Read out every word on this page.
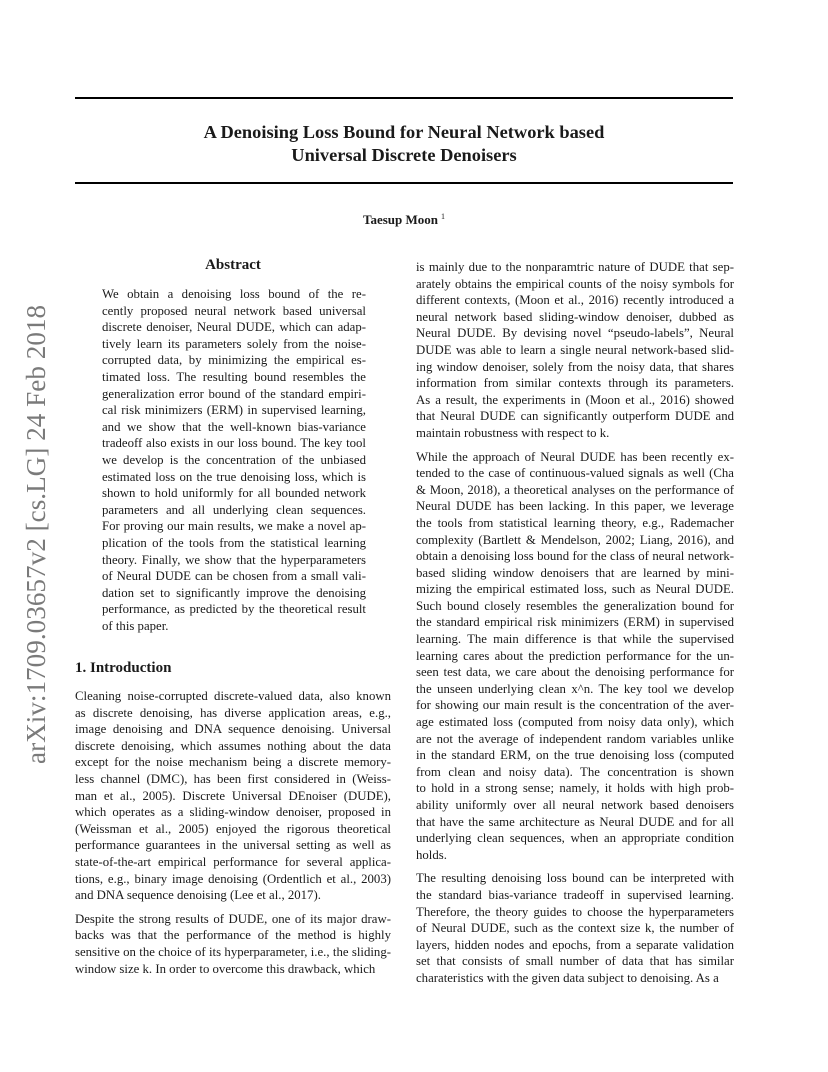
A Denoising Loss Bound for Neural Network based
Universal Discrete Denoisers
Taesup Moon $^1$
arXiv:1709.03657v2 [cs.LG] 24 Feb 2018
Abstract
We obtain a denoising loss bound of the re-
cently proposed neural network based universal
discrete denoiser, Neural DUDE, which can adap-
tively learn its parameters solely from the noise-
corrupted data, by minimizing the empirical es-
timated loss. The resulting bound resembles the
generalization error bound of the standard empiri-
cal risk minimizers (ERM) in supervised learning,
and we show that the well-known bias-variance
tradeoff also exists in our loss bound. The key tool
we develop is the concentration of the unbiased
estimated loss on the true denoising loss, which is
shown to hold uniformly for all bounded network
parameters and all underlying clean sequences.
For proving our main results, we make a novel ap-
plication of the tools from the statistical learning
theory. Finally, we show that the hyperparameters
of Neural DUDE can be chosen from a small vali-
dation set to significantly improve the denoising
performance, as predicted by the theoretical result
of this paper.
1. Introduction
Cleaning noise-corrupted discrete-valued data, also known
as discrete denoising, has diverse application areas, e.g.,
image denoising and DNA sequence denoising. Universal
discrete denoising, which assumes nothing about the data
except for the noise mechanism being a discrete memory-
less channel (DMC), has been first considered in (Weiss-
man et al., 2005). Discrete Universal DEnoiser (DUDE),
which operates as a sliding-window denoiser, proposed in
(Weissman et al., 2005) enjoyed the rigorous theoretical
performance guarantees in the universal setting as well as
state-of-the-art empirical performance for several applica-
tions, e.g., binary image denoising (Ordentlich et al., 2003)
and DNA sequence denoising (Lee et al., 2017).
Despite the strong results of DUDE, one of its major draw-
backs was that the performance of the method is highly
sensitive on the choice of its hyperparameter, i.e., the sliding-
window size k. In order to overcome this drawback, which
is mainly due to the nonparamtric nature of DUDE that sep-
arately obtains the empirical counts of the noisy symbols for
different contexts, (Moon et al., 2016) recently introduced a
neural network based sliding-window denoiser, dubbed as
Neural DUDE. By devising novel “pseudo-labels”, Neural
DUDE was able to learn a single neural network-based slid-
ing window denoiser, solely from the noisy data, that shares
information from similar contexts through its parameters.
As a result, the experiments in (Moon et al., 2016) showed
that Neural DUDE can significantly outperform DUDE and
maintain robustness with respect to k.
While the approach of Neural DUDE has been recently ex-
tended to the case of continuous-valued signals as well (Cha
& Moon, 2018), a theoretical analyses on the performance of
Neural DUDE has been lacking. In this paper, we leverage
the tools from statistical learning theory, e.g., Rademacher
complexity (Bartlett & Mendelson, 2002; Liang, 2016), and
obtain a denoising loss bound for the class of neural network-
based sliding window denoisers that are learned by mini-
mizing the empirical estimated loss, such as Neural DUDE.
Such bound closely resembles the generalization bound for
the standard empirical risk minimizers (ERM) in supervised
learning. The main difference is that while the supervised
learning cares about the prediction performance for the un-
seen test data, we care about the denoising performance for
the unseen underlying clean x^n. The key tool we develop
for showing our main result is the concentration of the aver-
age estimated loss (computed from noisy data only), which
are not the average of independent random variables unlike
in the standard ERM, on the true denoising loss (computed
from clean and noisy data). The concentration is shown
to hold in a strong sense; namely, it holds with high prob-
ability uniformly over all neural network based denoisers
that have the same architecture as Neural DUDE and for all
underlying clean sequences, when an appropriate condition
holds.
The resulting denoising loss bound can be interpreted with
the standard bias-variance tradeoff in supervised learning.
Therefore, the theory guides to choose the hyperparameters
of Neural DUDE, such as the context size k, the number of
layers, hidden nodes and epochs, from a separate validation
set that consists of small number of data that has similar
charateristics with the given data subject to denoising. As a
